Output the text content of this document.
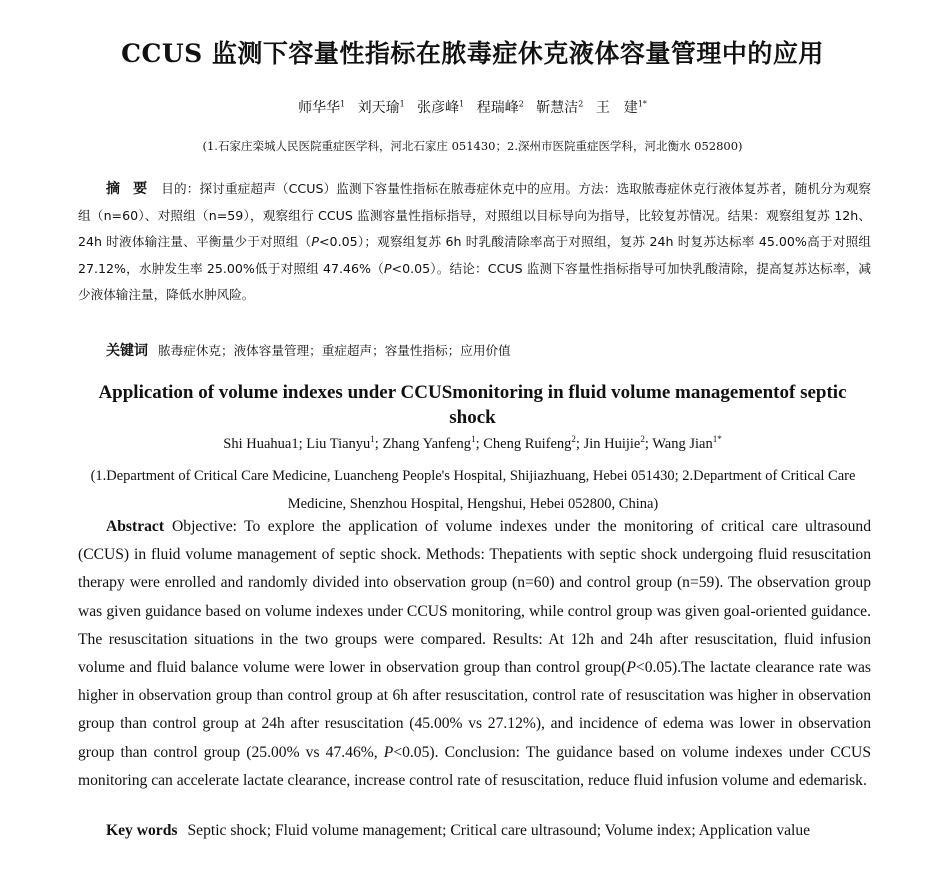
CCUS 监测下容量性指标在脓毒症休克液体容量管理中的应用
师华华$^1$ 刘天瑜$^1$ 张彦峰$^1$ 程瑞峰$^2$ 靳慧洁$^2$ 王　建$^{1*}$
(1.石家庄栾城人民医院重症医学科，河北石家庄 051430；2.深州市医院重症医学科，河北衡水 052800)

摘 要 目的：探讨重症超声（CCUS）监测下容量性指标在脓毒症休克中的应用。方法：选取脓毒症休克行液体复苏者，随机分为观察组（n=60）、对照组（n=59），观察组行 CCUS 监测容量性指标指导，对照组以目标导向为指导，比较复苏情况。结果：观察组复苏 12h、24h 时液体输注量、平衡量少于对照组（P<0.05）；观察组复苏 6h 时乳酸清除率高于对照组，复苏 24h 时复苏达标率 45.00%高于对照组 27.12%，水肿发生率 25.00%低于对照组 47.46%（P<0.05）。结论：CCUS 监测下容量性指标指导可加快乳酸清除，提高复苏达标率，减少液体输注量，降低水肿风险。

关键词 脓毒症休克；液体容量管理；重症超声；容量性指标；应用价值
Application of volume indexes under CCUSmonitoring in fluid volume managementof septic shock
Shi Huahua1; Liu Tianyu$^1$; Zhang Yanfeng$^1$; Cheng Ruifeng$^2$; Jin Huijie$^2$; Wang Jian$^{1*}$
(1.Department of Critical Care Medicine, Luancheng People's Hospital, Shijiazhuang, Hebei 051430; 2.Department of Critical Care Medicine, Shenzhou Hospital, Hengshui, Hebei 052800, China)

Abstract Objective: To explore the application of volume indexes under the monitoring of critical care ultrasound (CCUS) in fluid volume management of septic shock. Methods: Thepatients with septic shock undergoing fluid resuscitation therapy were enrolled and randomly divided into observation group (n=60) and control group (n=59). The observation group was given guidance based on volume indexes under CCUS monitoring, while control group was given goal-oriented guidance. The resuscitation situations in the two groups were compared. Results: At 12h and 24h after resuscitation, fluid infusion volume and fluid balance volume were lower in observation group than control group(P<0.05).The lactate clearance rate was higher in observation group than control group at 6h after resuscitation, control rate of resuscitation was higher in observation group than control group at 24h after resuscitation (45.00% vs 27.12%), and incidence of edema was lower in observation group than control group (25.00% vs 47.46%, P<0.05). Conclusion: The guidance based on volume indexes under CCUS monitoring can accelerate lactate clearance, increase control rate of resuscitation, reduce fluid infusion volume and edemarisk.

Key words Septic shock; Fluid volume management; Critical care ultrasound; Volume index; Application value
